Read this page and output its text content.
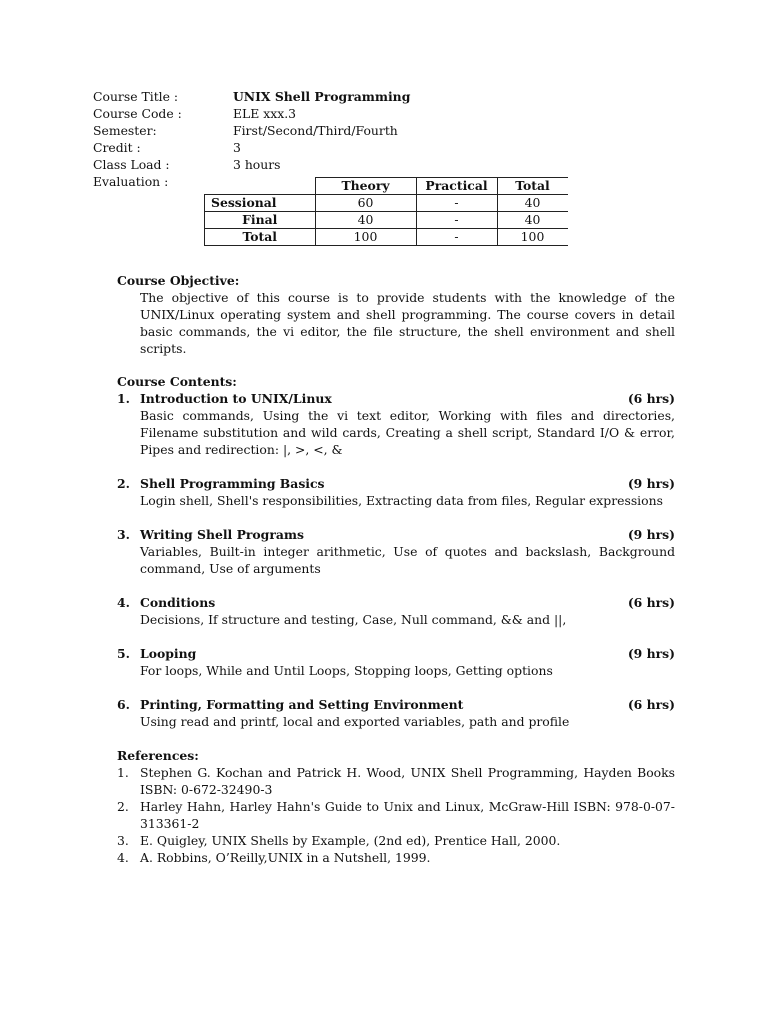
Course Title :	UNIX Shell Programming
Course Code :	ELE xxx.3
Semester:	First/Second/Third/Fourth
Credit :	3
Class Load :	3 hours
Evaluation :
		Theory	Practical	Total
Sessional	60	-	40
Final	40	-	40
Total	100	-	100
Course Objective:
The objective of this course is to provide students with the knowledge of the UNIX/Linux operating system and shell programming. The course covers in detail basic commands, the vi editor, the file structure, the shell environment and shell scripts.
Course Contents:
1. Introduction to UNIX/Linux	(6 hrs)
Basic commands, Using the vi text editor, Working with files and directories, Filename substitution and wild cards, Creating a shell script, Standard I/O & error, Pipes and redirection: |, >, <, &
2. Shell Programming Basics	(9 hrs)
Login shell, Shell's responsibilities, Extracting data from files, Regular expressions
3. Writing Shell Programs	(9 hrs)
Variables, Built-in integer arithmetic, Use of quotes and backslash, Background command, Use of arguments
4. Conditions	(6 hrs)
Decisions, If structure and testing, Case, Null command, && and ||,
5. Looping	(9 hrs)
For loops, While and Until Loops, Stopping loops, Getting options
6. Printing, Formatting and Setting Environment	(6 hrs)
Using read and printf, local and exported variables, path and profile
References:
1. Stephen G. Kochan and Patrick H. Wood, UNIX Shell Programming, Hayden Books ISBN: 0-672-32490-3
2. Harley Hahn, Harley Hahn's Guide to Unix and Linux, McGraw-Hill ISBN: 978-0-07-313361-2
3. E. Quigley, UNIX Shells by Example, (2nd ed), Prentice Hall, 2000.
4. A. Robbins, O’Reilly,UNIX in a Nutshell, 1999.
